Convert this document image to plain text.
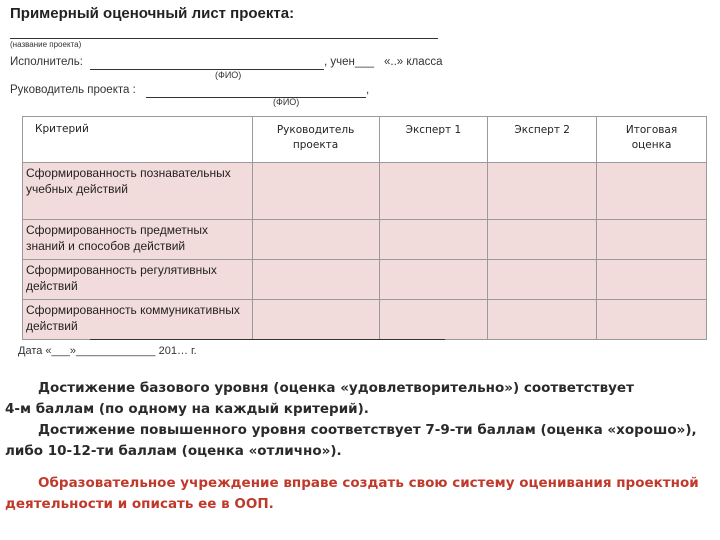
Примерный оценочный лист проекта:
(название проекта)
Исполнитель:	, учен___ «..» класса
(ФИО)
Руководитель проекта :	,
(ФИО)
Критерий	Руководитель проекта	Эксперт 1	Эксперт 2	Итоговая оценка

Сформированность познавательных учебных действий				
Сформированность предметных знаний и способов действий				
Сформированность регулятивных действий				
Сформированность коммуникативных действий				
Дата «___»_____________ 201… г.
Достижение базового уровня (оценка «удовлетворительно») соответствует
4-м баллам (по одному на каждый критерий).
Достижение повышенного уровня соответствует 7-9-ти баллам (оценка «хорошо»),
либо 10-12-ти баллам (оценка «отлично»).
Образовательное учреждение вправе создать свою систему оценивания проектной
деятельности и описать ее в ООП.
